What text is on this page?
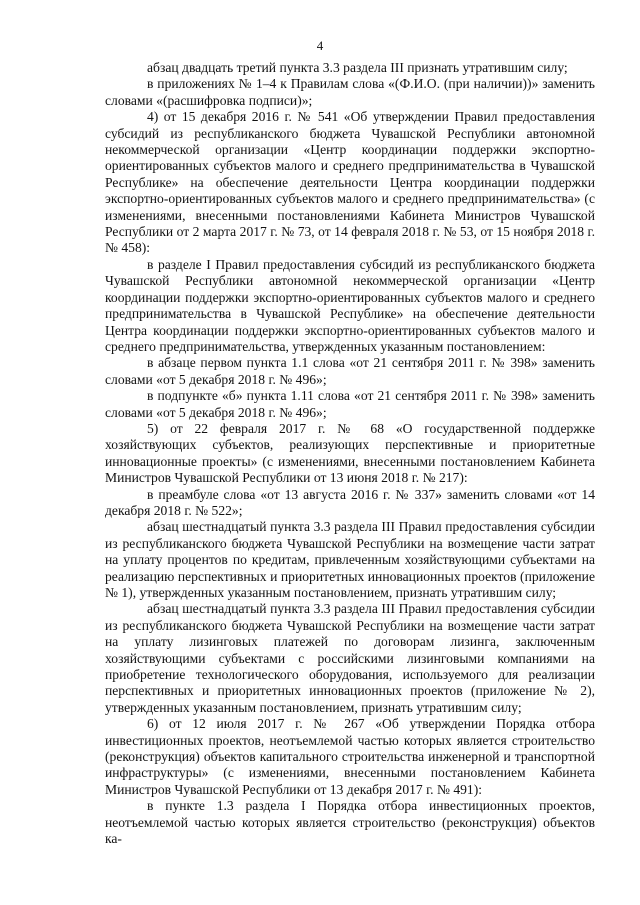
4

абзац двадцать третий пункта 3.3 раздела III признать утратившим силу;

в приложениях № 1–4 к Правилам слова «(Ф.И.О. (при наличии))» заменить словами «(расшифровка подписи)»;

4) от 15 декабря 2016 г. № 541 «Об утверждении Правил предоставления субсидий из республиканского бюджета Чувашской Республики автономной некоммерческой организации «Центр координации поддержки экспортно-ориентированных субъектов малого и среднего предпринимательства в Чувашской Республике» на обеспечение деятельности Центра координации поддержки экспортно-ориентированных субъектов малого и среднего предпринимательства» (с изменениями, внесенными постановлениями Кабинета Министров Чувашской Республики от 2 марта 2017 г. № 73, от 14 февраля 2018 г. № 53, от 15 ноября 2018 г. № 458):

в разделе I Правил предоставления субсидий из республиканского бюджета Чувашской Республики автономной некоммерческой организации «Центр координации поддержки экспортно-ориентированных субъектов малого и среднего предпринимательства в Чувашской Республике» на обеспечение деятельности Центра координации поддержки экспортно-ориентированных субъектов малого и среднего предпринимательства, утвержденных указанным постановлением:

в абзаце первом пункта 1.1 слова «от 21 сентября 2011 г. № 398» заменить словами «от 5 декабря 2018 г. № 496»;

в подпункте «б» пункта 1.11 слова «от 21 сентября 2011 г. № 398» заменить словами «от 5 декабря 2018 г. № 496»;

5) от 22 февраля 2017 г. № 68 «О государственной поддержке хозяйствующих субъектов, реализующих перспективные и приоритетные инновационные проекты» (с изменениями, внесенными постановлением Кабинета Министров Чувашской Республики от 13 июня 2018 г. № 217):

в преамбуле слова «от 13 августа 2016 г. № 337» заменить словами «от 14 декабря 2018 г. № 522»;

абзац шестнадцатый пункта 3.3 раздела III Правил предоставления субсидии из республиканского бюджета Чувашской Республики на возмещение части затрат на уплату процентов по кредитам, привлеченным хозяйствующими субъектами на реализацию перспективных и приоритетных инновационных проектов (приложение № 1), утвержденных указанным постановлением, признать утратившим силу;

абзац шестнадцатый пункта 3.3 раздела III Правил предоставления субсидии из республиканского бюджета Чувашской Республики на возмещение части затрат на уплату лизинговых платежей по договорам лизинга, заключенным хозяйствующими субъектами с российскими лизинговыми компаниями на приобретение технологического оборудования, используемого для реализации перспективных и приоритетных инновационных проектов (приложение № 2), утвержденных указанным постановлением, признать утратившим силу;

6) от 12 июля 2017 г. № 267 «Об утверждении Порядка отбора инвестиционных проектов, неотъемлемой частью которых является строительство (реконструкция) объектов капитального строительства инженерной и транспортной инфраструктуры» (с изменениями, внесенными постановлением Кабинета Министров Чувашской Республики от 13 декабря 2017 г. № 491):

в пункте 1.3 раздела I Порядка отбора инвестиционных проектов, неотъемлемой частью которых является строительство (реконструкция) объектов ка-
